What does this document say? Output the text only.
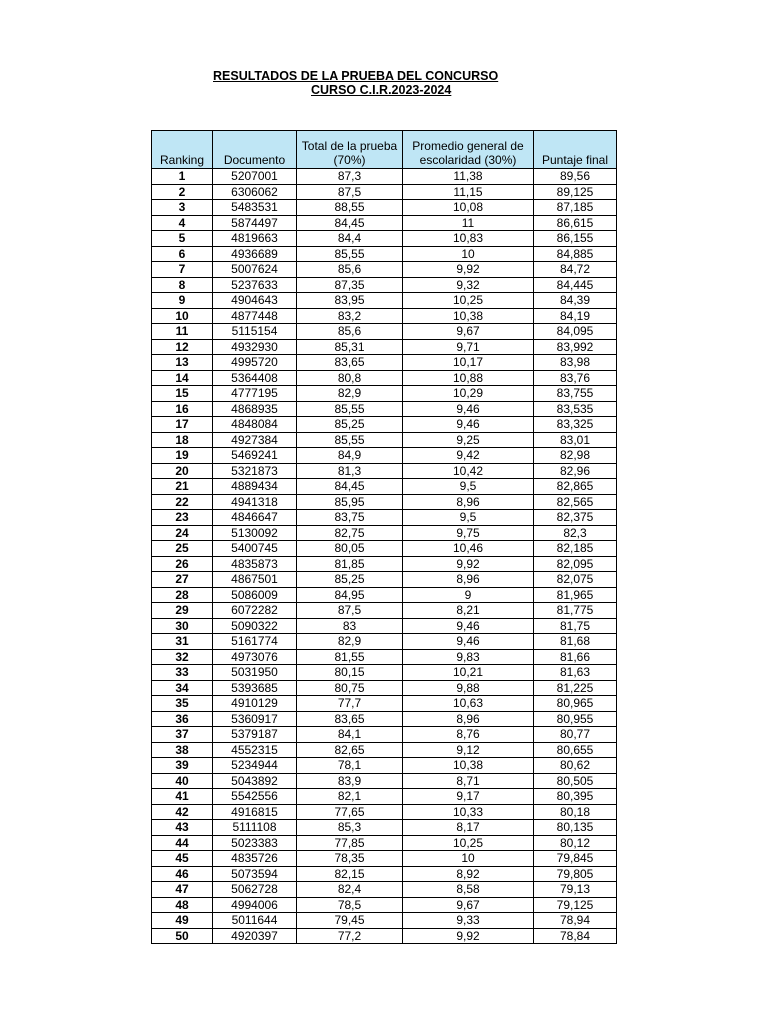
RESULTADOS DE LA PRUEBA DEL CONCURSO
CURSO C.I.R.2023-2024
Ranking	Documento	Total de la prueba (70%)	Promedio general de escolaridad (30%)	Puntaje final
1	5207001	87,3	11,38	89,56
2	6306062	87,5	11,15	89,125
3	5483531	88,55	10,08	87,185
4	5874497	84,45	11	86,615
5	4819663	84,4	10,83	86,155
6	4936689	85,55	10	84,885
7	5007624	85,6	9,92	84,72
8	5237633	87,35	9,32	84,445
9	4904643	83,95	10,25	84,39
10	4877448	83,2	10,38	84,19
11	5115154	85,6	9,67	84,095
12	4932930	85,31	9,71	83,992
13	4995720	83,65	10,17	83,98
14	5364408	80,8	10,88	83,76
15	4777195	82,9	10,29	83,755
16	4868935	85,55	9,46	83,535
17	4848084	85,25	9,46	83,325
18	4927384	85,55	9,25	83,01
19	5469241	84,9	9,42	82,98
20	5321873	81,3	10,42	82,96
21	4889434	84,45	9,5	82,865
22	4941318	85,95	8,96	82,565
23	4846647	83,75	9,5	82,375
24	5130092	82,75	9,75	82,3
25	5400745	80,05	10,46	82,185
26	4835873	81,85	9,92	82,095
27	4867501	85,25	8,96	82,075
28	5086009	84,95	9	81,965
29	6072282	87,5	8,21	81,775
30	5090322	83	9,46	81,75
31	5161774	82,9	9,46	81,68
32	4973076	81,55	9,83	81,66
33	5031950	80,15	10,21	81,63
34	5393685	80,75	9,88	81,225
35	4910129	77,7	10,63	80,965
36	5360917	83,65	8,96	80,955
37	5379187	84,1	8,76	80,77
38	4552315	82,65	9,12	80,655
39	5234944	78,1	10,38	80,62
40	5043892	83,9	8,71	80,505
41	5542556	82,1	9,17	80,395
42	4916815	77,65	10,33	80,18
43	5111108	85,3	8,17	80,135
44	5023383	77,85	10,25	80,12
45	4835726	78,35	10	79,845
46	5073594	82,15	8,92	79,805
47	5062728	82,4	8,58	79,13
48	4994006	78,5	9,67	79,125
49	5011644	79,45	9,33	78,94
50	4920397	77,2	9,92	78,84
